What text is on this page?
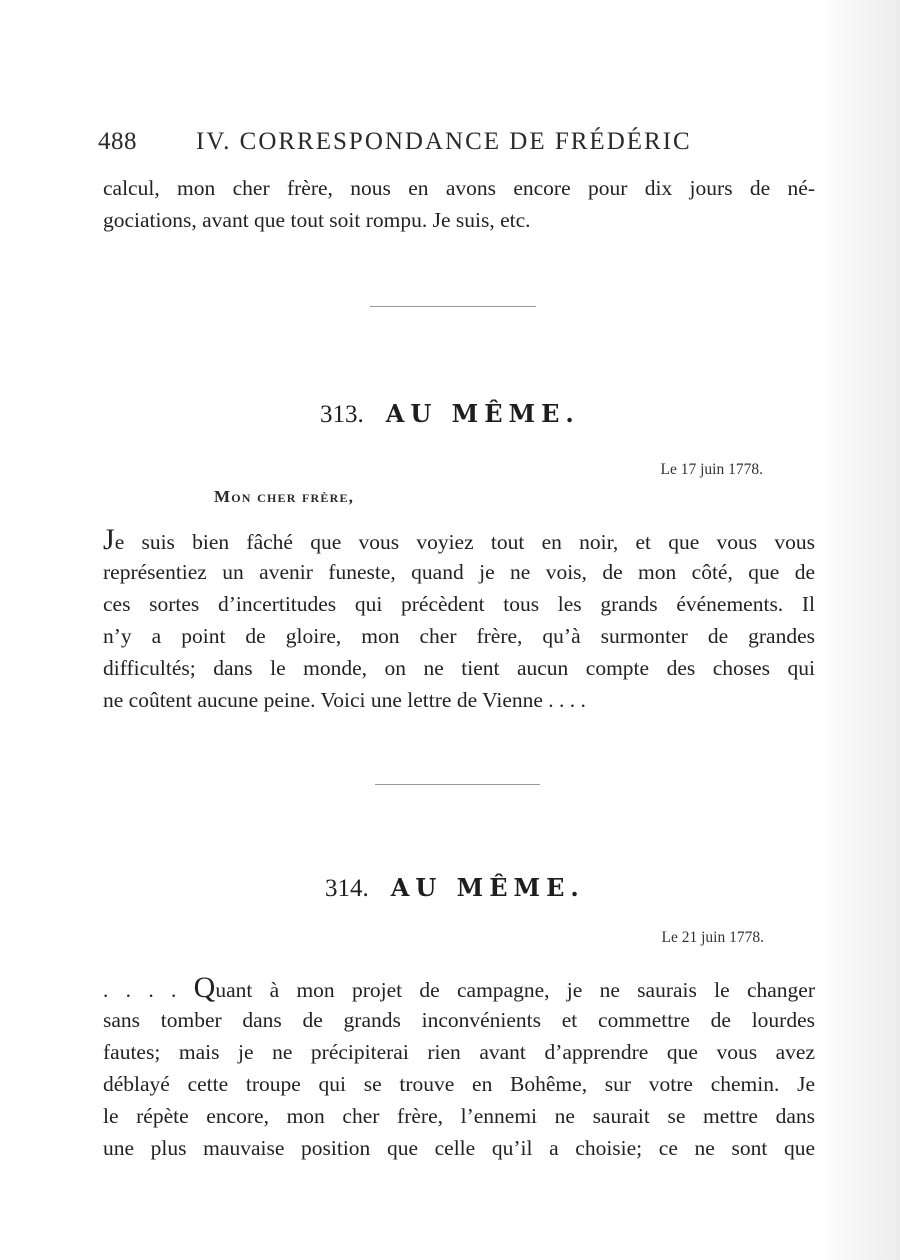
488 IV. CORRESPONDANCE DE FRÉDÉRIC
calcul, mon cher frère, nous en avons encore pour dix jours de né-
gociations, avant que tout soit rompu. Je suis, etc.
313. AU MÊME.
Le 17 juin 1778.
Mon cher frère,
Je suis bien fâché que vous voyiez tout en noir, et que vous vous
représentiez un avenir funeste, quand je ne vois, de mon côté, que de
ces sortes d’incertitudes qui précèdent tous les grands événements. Il
n’y a point de gloire, mon cher frère, qu’à surmonter de grandes
difficultés; dans le monde, on ne tient aucun compte des choses qui
ne coûtent aucune peine. Voici une lettre de Vienne . . . .
314. AU MÊME.
Le 21 juin 1778.
. . . . Quant à mon projet de campagne, je ne saurais le changer
sans tomber dans de grands inconvénients et commettre de lourdes
fautes; mais je ne précipiterai rien avant d’apprendre que vous avez
déblayé cette troupe qui se trouve en Bohême, sur votre chemin. Je
le répète encore, mon cher frère, l’ennemi ne saurait se mettre dans
une plus mauvaise position que celle qu’il a choisie; ce ne sont que
